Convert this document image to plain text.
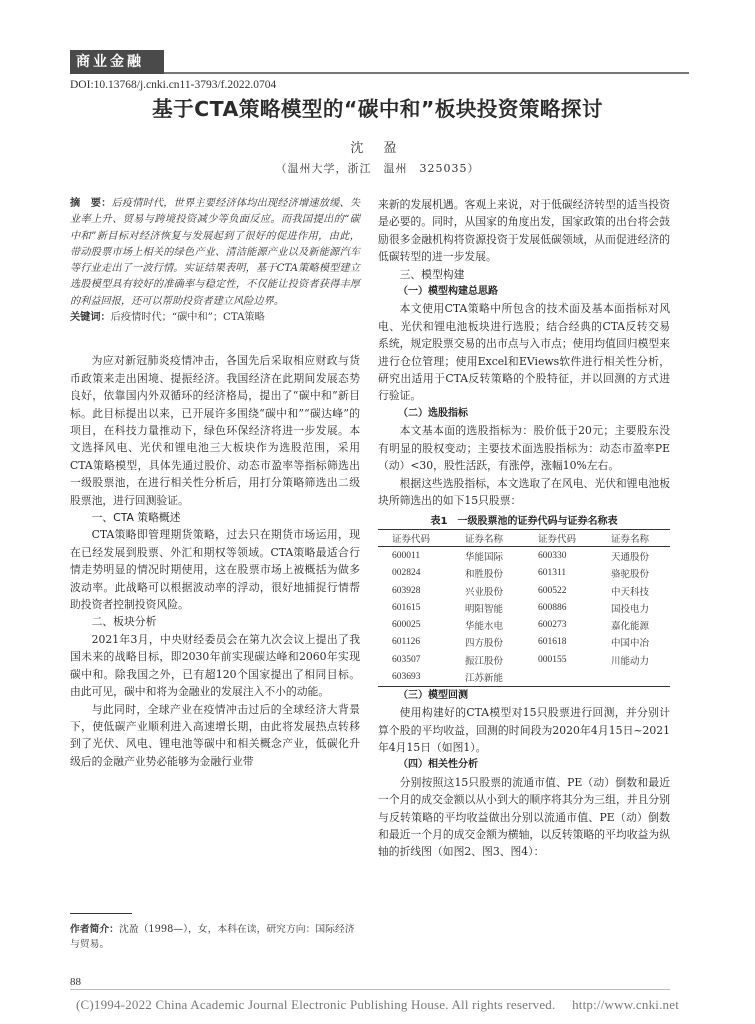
商业金融
DOI:10.13768/j.cnki.cn11-3793/f.2022.0704
基于CTA策略模型的“碳中和”板块投资策略探讨
沈 盈
（温州大学，浙江　温州　325035）

摘　要：后疫情时代，世界主要经济体均出现经济增速放缓、失业率上升、贸易与跨境投资减少等负面反应。而我国提出的“碳中和”新目标对经济恢复与发展起到了很好的促进作用，由此，带动股票市场上相关的绿色产业、清洁能源产业以及新能源汽车等行业走出了一波行情。实证结果表明，基于CTA策略模型建立选股模型具有较好的准确率与稳定性，不仅能让投资者获得丰厚的利益回报，还可以帮助投资者建立风险边界。

关键词：后疫情时代；“碳中和”；CTA策略

为应对新冠肺炎疫情冲击，各国先后采取相应财政与货币政策来走出困境、提振经济。我国经济在此期间发展态势良好，依靠国内外双循环的经济格局，提出了“碳中和”新目标。此目标提出以来，已开展许多围绕“碳中和”“碳达峰”的项目，在科技力量推动下，绿色环保经济将进一步发展。本文选择风电、光伏和锂电池三大板块作为选股范围，采用CTA策略模型，具体先通过股价、动态市盈率等指标筛选出一级股票池，在进行相关性分析后，用打分策略筛选出二级股票池，进行回测验证。

一、CTA 策略概述

CTA策略即管理期货策略，过去只在期货市场运用，现在已经发展到股票、外汇和期权等领域。CTA策略最适合行情走势明显的情况时期使用，这在股票市场上被概括为做多波动率。此战略可以根据波动率的浮动，很好地捕捉行情帮助投资者控制投资风险。

二、板块分析

2021年3月，中央财经委员会在第九次会议上提出了我国未来的战略目标，即2030年前实现碳达峰和2060年实现碳中和。除我国之外，已有超120个国家提出了相同目标。由此可见，碳中和将为金融业的发展注入不小的动能。

与此同时，全球产业在疫情冲击过后的全球经济大背景下，使低碳产业顺利进入高速增长期，由此将发展热点转移到了光伏、风电、锂电池等碳中和相关概念产业，低碳化升级后的金融产业势必能够为金融行业带

来新的发展机遇。客观上来说，对于低碳经济转型的适当投资是必要的。同时，从国家的角度出发，国家政策的出台将会鼓励很多金融机构将资源投资于发展低碳领域，从而促进经济的低碳转型的进一步发展。

三、模型构建

（一）模型构建总思路

本文使用CTA策略中所包含的技术面及基本面指标对风电、光伏和锂电池板块进行选股；结合经典的CTA反转交易系统，规定股票交易的出市点与入市点；使用均值回归模型来进行仓位管理；使用Excel和EViews软件进行相关性分析，研究出适用于CTA反转策略的个股特征，并以回测的方式进行验证。

（二）选股指标

本文基本面的选股指标为：股价低于20元；主要股东没有明显的股权变动；主要技术面选股指标为：动态市盈率PE（动）<30，股性活跃，有涨停，涨幅10%左右。

根据这些选股指标，本文选取了在风电、光伏和锂电池板块所筛选出的如下15只股票：

表1　一级股票池的证券代码与证券名称表
证券代码	证券名称	证券代码	证券名称
600011	华能国际	600330	天通股份
002824	和胜股份	601311	骆驼股份
603928	兴业股份	600522	中天科技
601615	明阳智能	600886	国投电力
600025	华能水电	600273	嘉化能源
601126	四方股份	601618	中国中冶
603507	振江股份	000155	川能动力
603693	江苏新能		

（三）模型回测

使用构建好的CTA模型对15只股票进行回测，并分别计算个股的平均收益，回测的时间段为2020年4月15日~2021年4月15日（如图1）。

（四）相关性分析

分别按照这15只股票的流通市值、PE（动）倒数和最近一个月的成交金额以从小到大的顺序将其分为三组，并且分别与反转策略的平均收益做出分别以流通市值、PE（动）倒数和最近一个月的成交金额为横轴，以反转策略的平均收益为纵轴的折线图（如图2、图3、图4）：

作者简介：沈盈（1998—），女，本科在读，研究方向：国际经济与贸易。
88
(C)1994-2022 China Academic Journal Electronic Publishing House. All rights reserved.　 http://www.cnki.net
